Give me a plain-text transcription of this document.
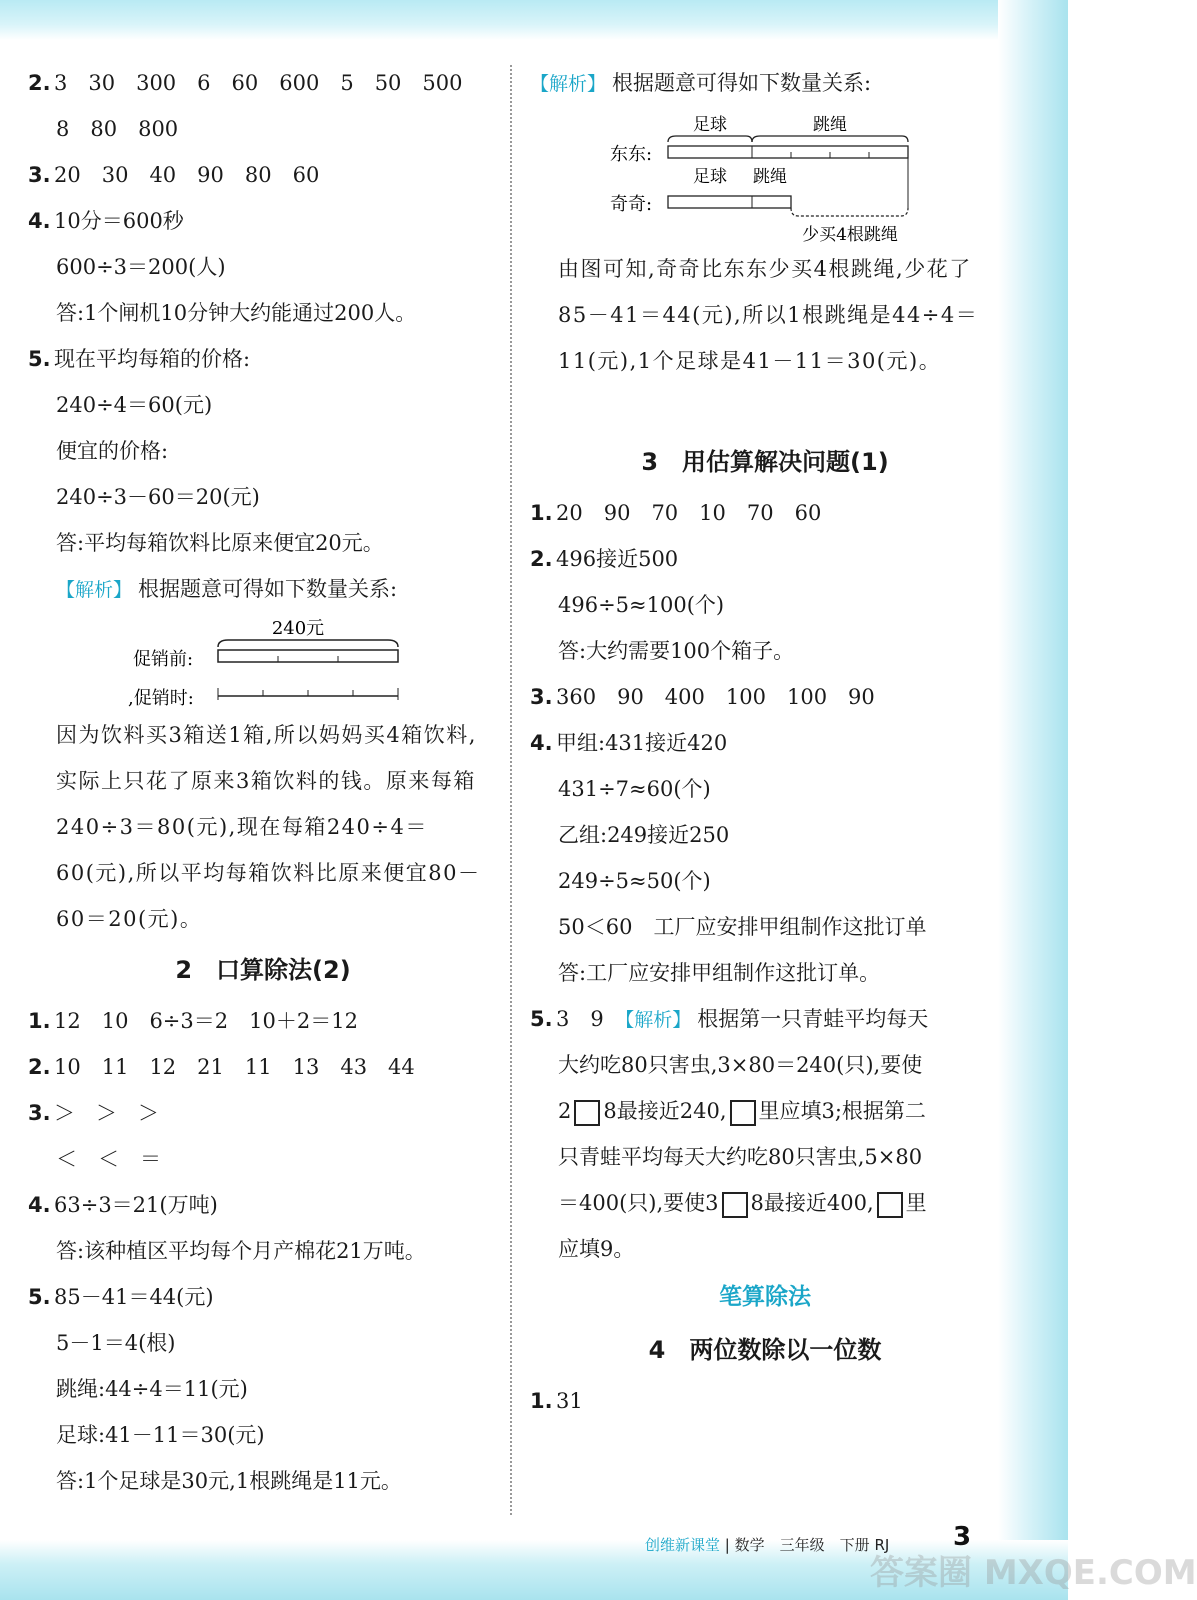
2. 3　30　300　6　60　600　5　50　500
8　80　800
3. 20　30　40　90　80　60
4. 10分＝600秒
600÷3＝200(人)
答:1个闸机10分钟大约能通过200人。
5. 现在平均每箱的价格:
240÷4＝60(元)
便宜的价格:
240÷3－60＝20(元)
答:平均每箱饮料比原来便宜20元。
【解析】 根据题意可得如下数量关系:
240元
促销前:
,促销时:
因为饮料买3箱送1箱,所以妈妈买4箱饮料,实际上只花了原来3箱饮料的钱。原来每箱240÷3＝80(元),现在每箱240÷4＝60(元),所以平均每箱饮料比原来便宜80－60＝20(元)。
2 口算除法(2)
1. 12　10　6÷3＝2　10＋2＝12
2. 10　11　12　21　11　13　43　44
3. ＞　＞　＞
＜　＜　＝
4. 63÷3＝21(万吨)
答:该种植区平均每个月产棉花21万吨。
5. 85－41＝44(元)
5－1＝4(根)
跳绳:44÷4＝11(元)
足球:41－11＝30(元)
答:1个足球是30元,1根跳绳是11元。
【解析】 根据题意可得如下数量关系:
足球	跳绳
东东:
足球 跳绳
奇奇:
少买4根跳绳
由图可知,奇奇比东东少买4根跳绳,少花了85－41＝44(元),所以1根跳绳是44÷4＝11(元),1个足球是41－11＝30(元)。
3 用估算解决问题(1)
1. 20　90　70　10　70　60
2. 496接近500
496÷5≈100(个)
答:大约需要100个箱子。
3. 360　90　400　100　100　90
4. 甲组:431接近420
431÷7≈60(个)
乙组:249接近250
249÷5≈50(个)
50＜60　工厂应安排甲组制作这批订单
答:工厂应安排甲组制作这批订单。
5. 3　9　 【解析】 根据第一只青蛙平均每天
大约吃80只害虫,3×80＝240(只),要使
2 8最接近240, 里应填3;根据第二
只青蛙平均每天大约吃80只害虫,5×80
＝400(只),要使3 8最接近400, 里
应填9。
笔算除法
4 两位数除以一位数
1. 31
创维新课堂 | 数学　 三年级　 下册 RJ 3
答案圈 MXQE.COM
